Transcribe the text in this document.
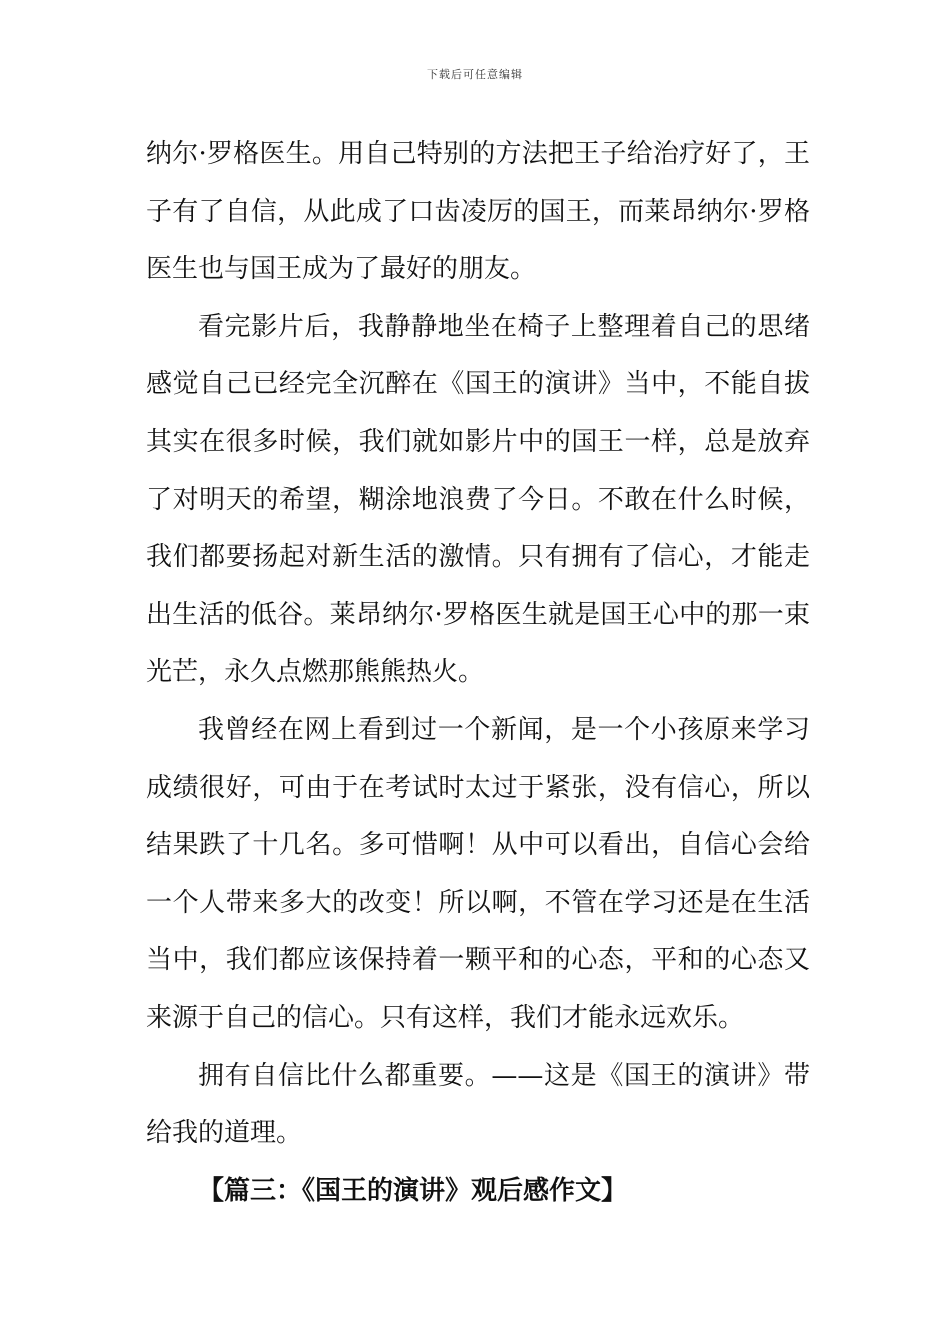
下载后可任意编辑

纳尔·罗格医生。用自己特别的方法把王子给治疗好了，王子有了自信，从此成了口齿凌厉的国王，而莱昂纳尔·罗格医生也与国王成为了最好的朋友。

看完影片后，我静静地坐在椅子上整理着自己的思绪感觉自己已经完全沉醉在《国王的演讲》当中，不能自拔其实在很多时候，我们就如影片中的国王一样，总是放弃了对明天的希望，糊涂地浪费了今日。不敢在什么时候，我们都要扬起对新生活的激情。只有拥有了信心，才能走出生活的低谷。莱昂纳尔·罗格医生就是国王心中的那一束光芒，永久点燃那熊熊热火。

我曾经在网上看到过一个新闻，是一个小孩原来学习成绩很好，可由于在考试时太过于紧张，没有信心，所以结果跌了十几名。多可惜啊！从中可以看出，自信心会给一个人带来多大的改变！所以啊，不管在学习还是在生活当中，我们都应该保持着一颗平和的心态，平和的心态又来源于自己的信心。只有这样，我们才能永远欢乐。

拥有自信比什么都重要。——这是《国王的演讲》带给我的道理。

【篇三：《国王的演讲》观后感作文】
